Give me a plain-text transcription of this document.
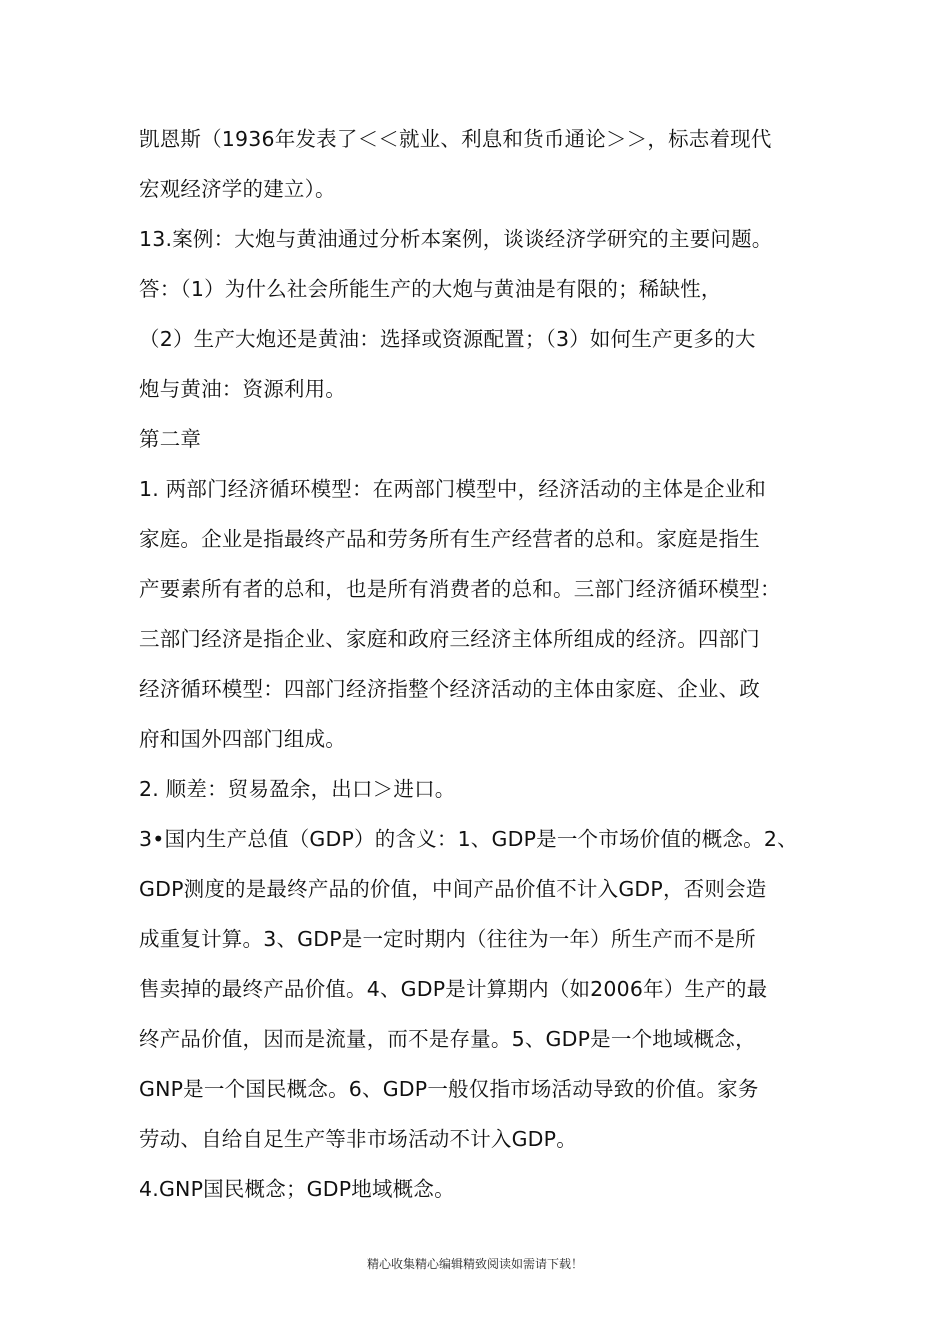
凯恩斯（1936年发表了＜＜就业、利息和货币通论＞＞，标志着现代
宏观经济学的建立）。
13.案例：大炮与黄油通过分析本案例，谈谈经济学研究的主要问题。
答：（1）为什么社会所能生产的大炮与黄油是有限的；稀缺性，
（2）生产大炮还是黄油：选择或资源配置；（3）如何生产更多的大
炮与黄油：资源利用。
第二章
1. 两部门经济循环模型：在两部门模型中，经济活动的主体是企业和
家庭。企业是指最终产品和劳务所有生产经营者的总和。家庭是指生
产要素所有者的总和，也是所有消费者的总和。三部门经济循环模型：
三部门经济是指企业、家庭和政府三经济主体所组成的经济。四部门
经济循环模型：四部门经济指整个经济活动的主体由家庭、企业、政
府和国外四部门组成。
2. 顺差：贸易盈余，出口＞进口。
3•国内生产总值（GDP）的含义：1、GDP是一个市场价值的概念。2、
GDP测度的是最终产品的价值，中间产品价值不计入GDP，否则会造
成重复计算。3、GDP是一定时期内（往往为一年）所生产而不是所
售卖掉的最终产品价值。4、GDP是计算期内（如2006年）生产的最
终产品价值，因而是流量，而不是存量。5、GDP是一个地域概念，
GNP是一个国民概念。6、GDP一般仅指市场活动导致的价值。家务
劳动、自给自足生产等非市场活动不计入GDP。
4.GNP国民概念；GDP地域概念。
精心收集精心编辑精致阅读如需请下载！
